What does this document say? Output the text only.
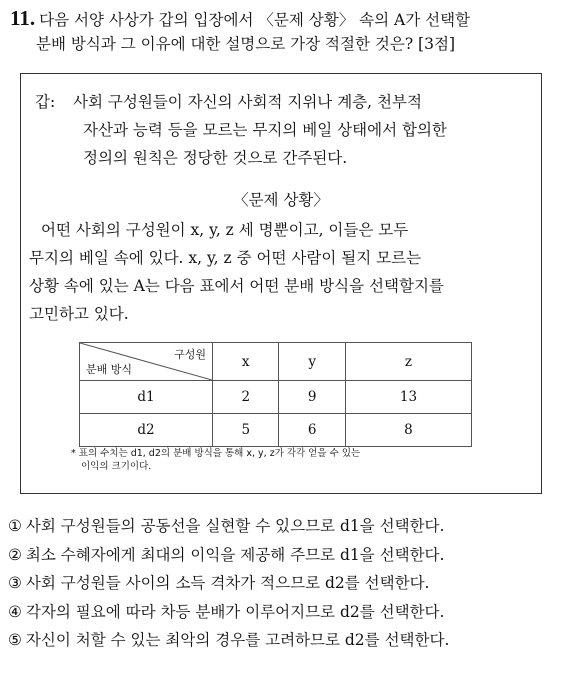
11. 다음 서양 사상가 갑의 입장에서 〈문제 상황〉 속의 A가 선택할
분배 방식과 그 이유에 대한 설명으로 가장 적절한 것은? [3점]
갑: 사회 구성원들이 자신의 사회적 지위나 계층, 천부적
자산과 능력 등을 모르는 무지의 베일 상태에서 합의한
정의의 원칙은 정당한 것으로 간주된다.
〈문제 상황〉
어떤 사회의 구성원이 x, y, z 세 명뿐이고, 이들은 모두
무지의 베일 속에 있다. x, y, z 중 어떤 사람이 될지 모르는
상황 속에 있는 A는 다음 표에서 어떤 분배 방식을 선택할지를
고민하고 있다.
구성원
분배 방식	x	y	z
d1	2	9	13
d2	5	6	8
* 표의 수치는 d1, d2의 분배 방식을 통해 x, y, z가 각각 얻을 수 있는
이익의 크기이다.
① 사회 구성원들의 공동선을 실현할 수 있으므로 d1을 선택한다.
② 최소 수혜자에게 최대의 이익을 제공해 주므로 d1을 선택한다.
③ 사회 구성원들 사이의 소득 격차가 적으므로 d2를 선택한다.
④ 각자의 필요에 따라 차등 분배가 이루어지므로 d2를 선택한다.
⑤ 자신이 처할 수 있는 최악의 경우를 고려하므로 d2를 선택한다.
